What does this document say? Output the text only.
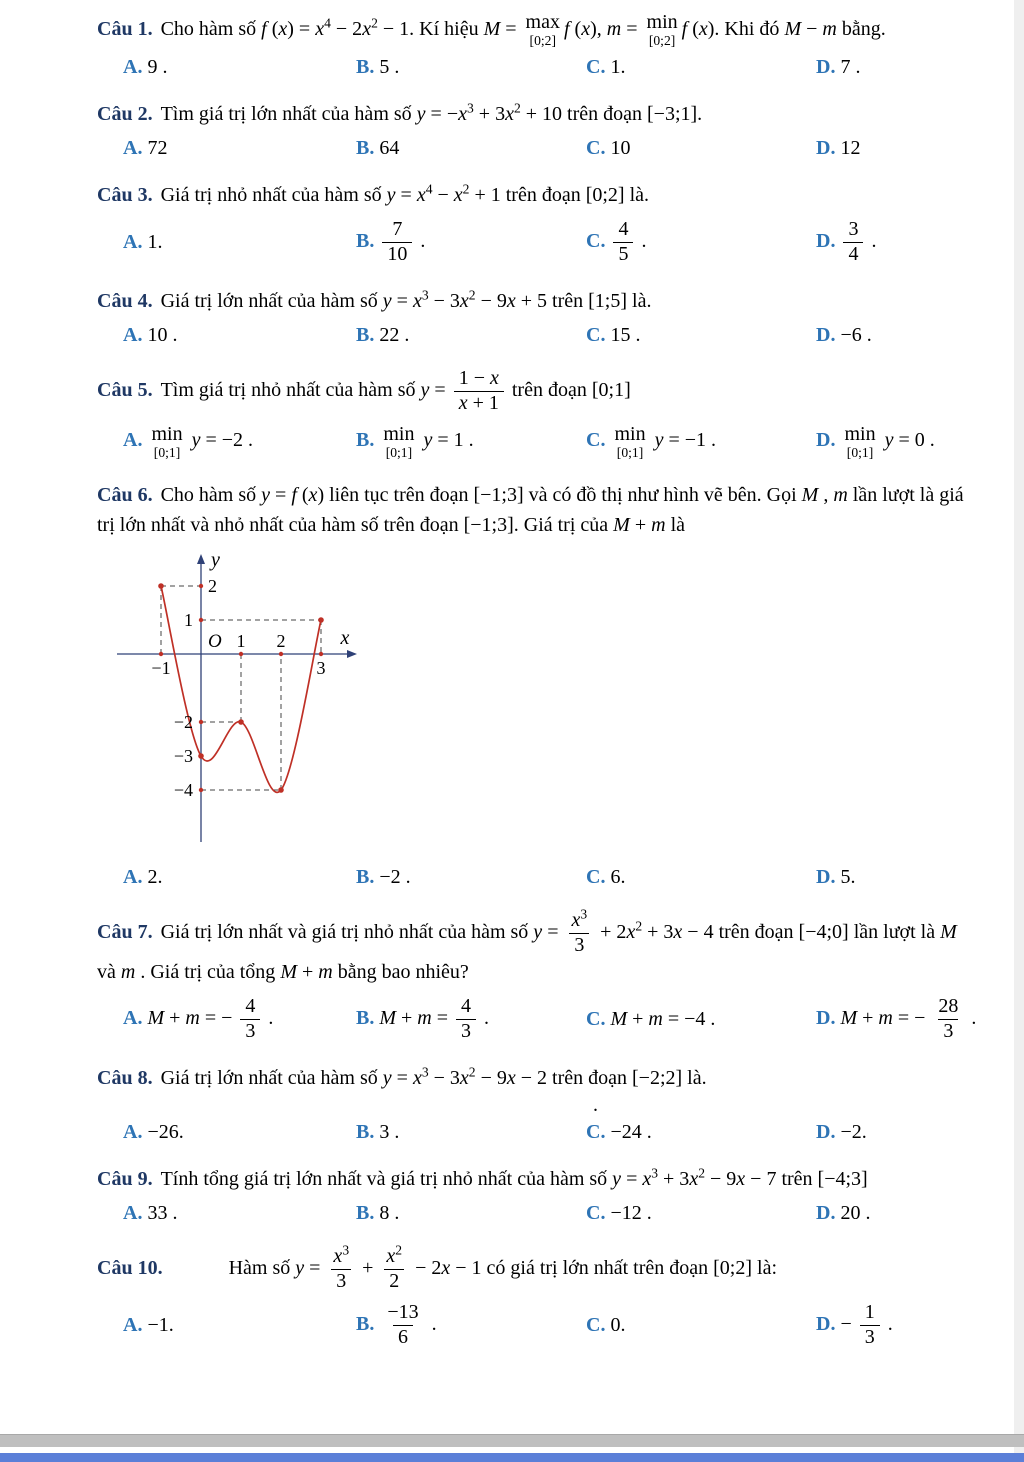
Câu 1. Cho hàm số f $(x) = x^4 - 2x^2 - 1$. Kí hiệu M = max
[0;2]
f (x), m = min
[0;2]
f (x). Khi đó M − m bằng.
A. 9 .	B. 5 .	C. 1.	D. 7 .
Câu 2. Tìm giá trị lớn nhất của hàm số $y = -x^3 + 3x^2 + 10$ trên đoạn [−3;1].
A. 72	B. 64	C. 10	D. 12
Câu 3. Giá trị nhỏ nhất của hàm số $y = x^4 - x^2 + 1$ trên đoạn [0;2] là.
A. 1.	B. $\frac{7}{10}$ .	C. $\frac{4}{5}$ .	D. $\frac{3}{4}$ .
Câu 4. Giá trị lớn nhất của hàm số $y = x^3 - 3x^2 - 9x + 5$ trên [1;5] là.
A. 10 .	B. 22 .	C. 15 .	D. −6 .
Câu 5. Tìm giá trị nhỏ nhất của hàm số $y = \frac{1 - x}{x + 1}$ trên đoạn [0;1]
A. min
[0;1]
y = −2 .	B. min
[0;1]
y = 1 .	C. min
[0;1]
y = −1 .	D. min
[0;1]
y = 0 .
Câu 6. Cho hàm số y = f (x) liên tục trên đoạn [−1;3] và có đồ thị như hình vẽ bên. Gọi M , m lần lượt là giá trị lớn nhất và nhỏ nhất của hàm số trên đoạn [−1;3]. Giá trị của M + m là
y
x
O
−1
1 2
3
2
1
−2
−3
−4
A. 2.	B. −2 .	C. 6.	D. 5.
Câu 7. Giá trị lớn nhất và giá trị nhỏ nhất của hàm số $y = \frac{x^3}{3} + 2x^2 + 3x - 4$ trên đoạn [−4;0] lần lượt là M và m . Giá trị của tổng M + m bằng bao nhiêu?
A. M + m = − $\frac{4}{3}$ .	B. $M + m = \frac{4}{3}$ .	C. M + m = −4 .	D. M + m = − $\frac{28}{3}$ .
Câu 8. Giá trị lớn nhất của hàm số $y = x^3 - 3x^2 - 9x - 2$ trên đoạn [−2;2] là.
.
A. −26.	B. 3 .	C. −24 .	D. −2.
Câu 9. Tính tổng giá trị lớn nhất và giá trị nhỏ nhất của hàm số $y = x^3 + 3x^2 - 9x - 7$ trên [−4;3]
A. 33 .	B. 8 .	C. −12 .	D. 20 .
Câu 10.	Hàm số $y = \frac{x^3}{3} + \frac{x^2}{2} - 2x - 1$ có giá trị lớn nhất trên đoạn [0;2] là:
A. −1.	B. $\frac{-13}{6}$ .	C. 0.	D. − $\frac{1}{3}$ .
